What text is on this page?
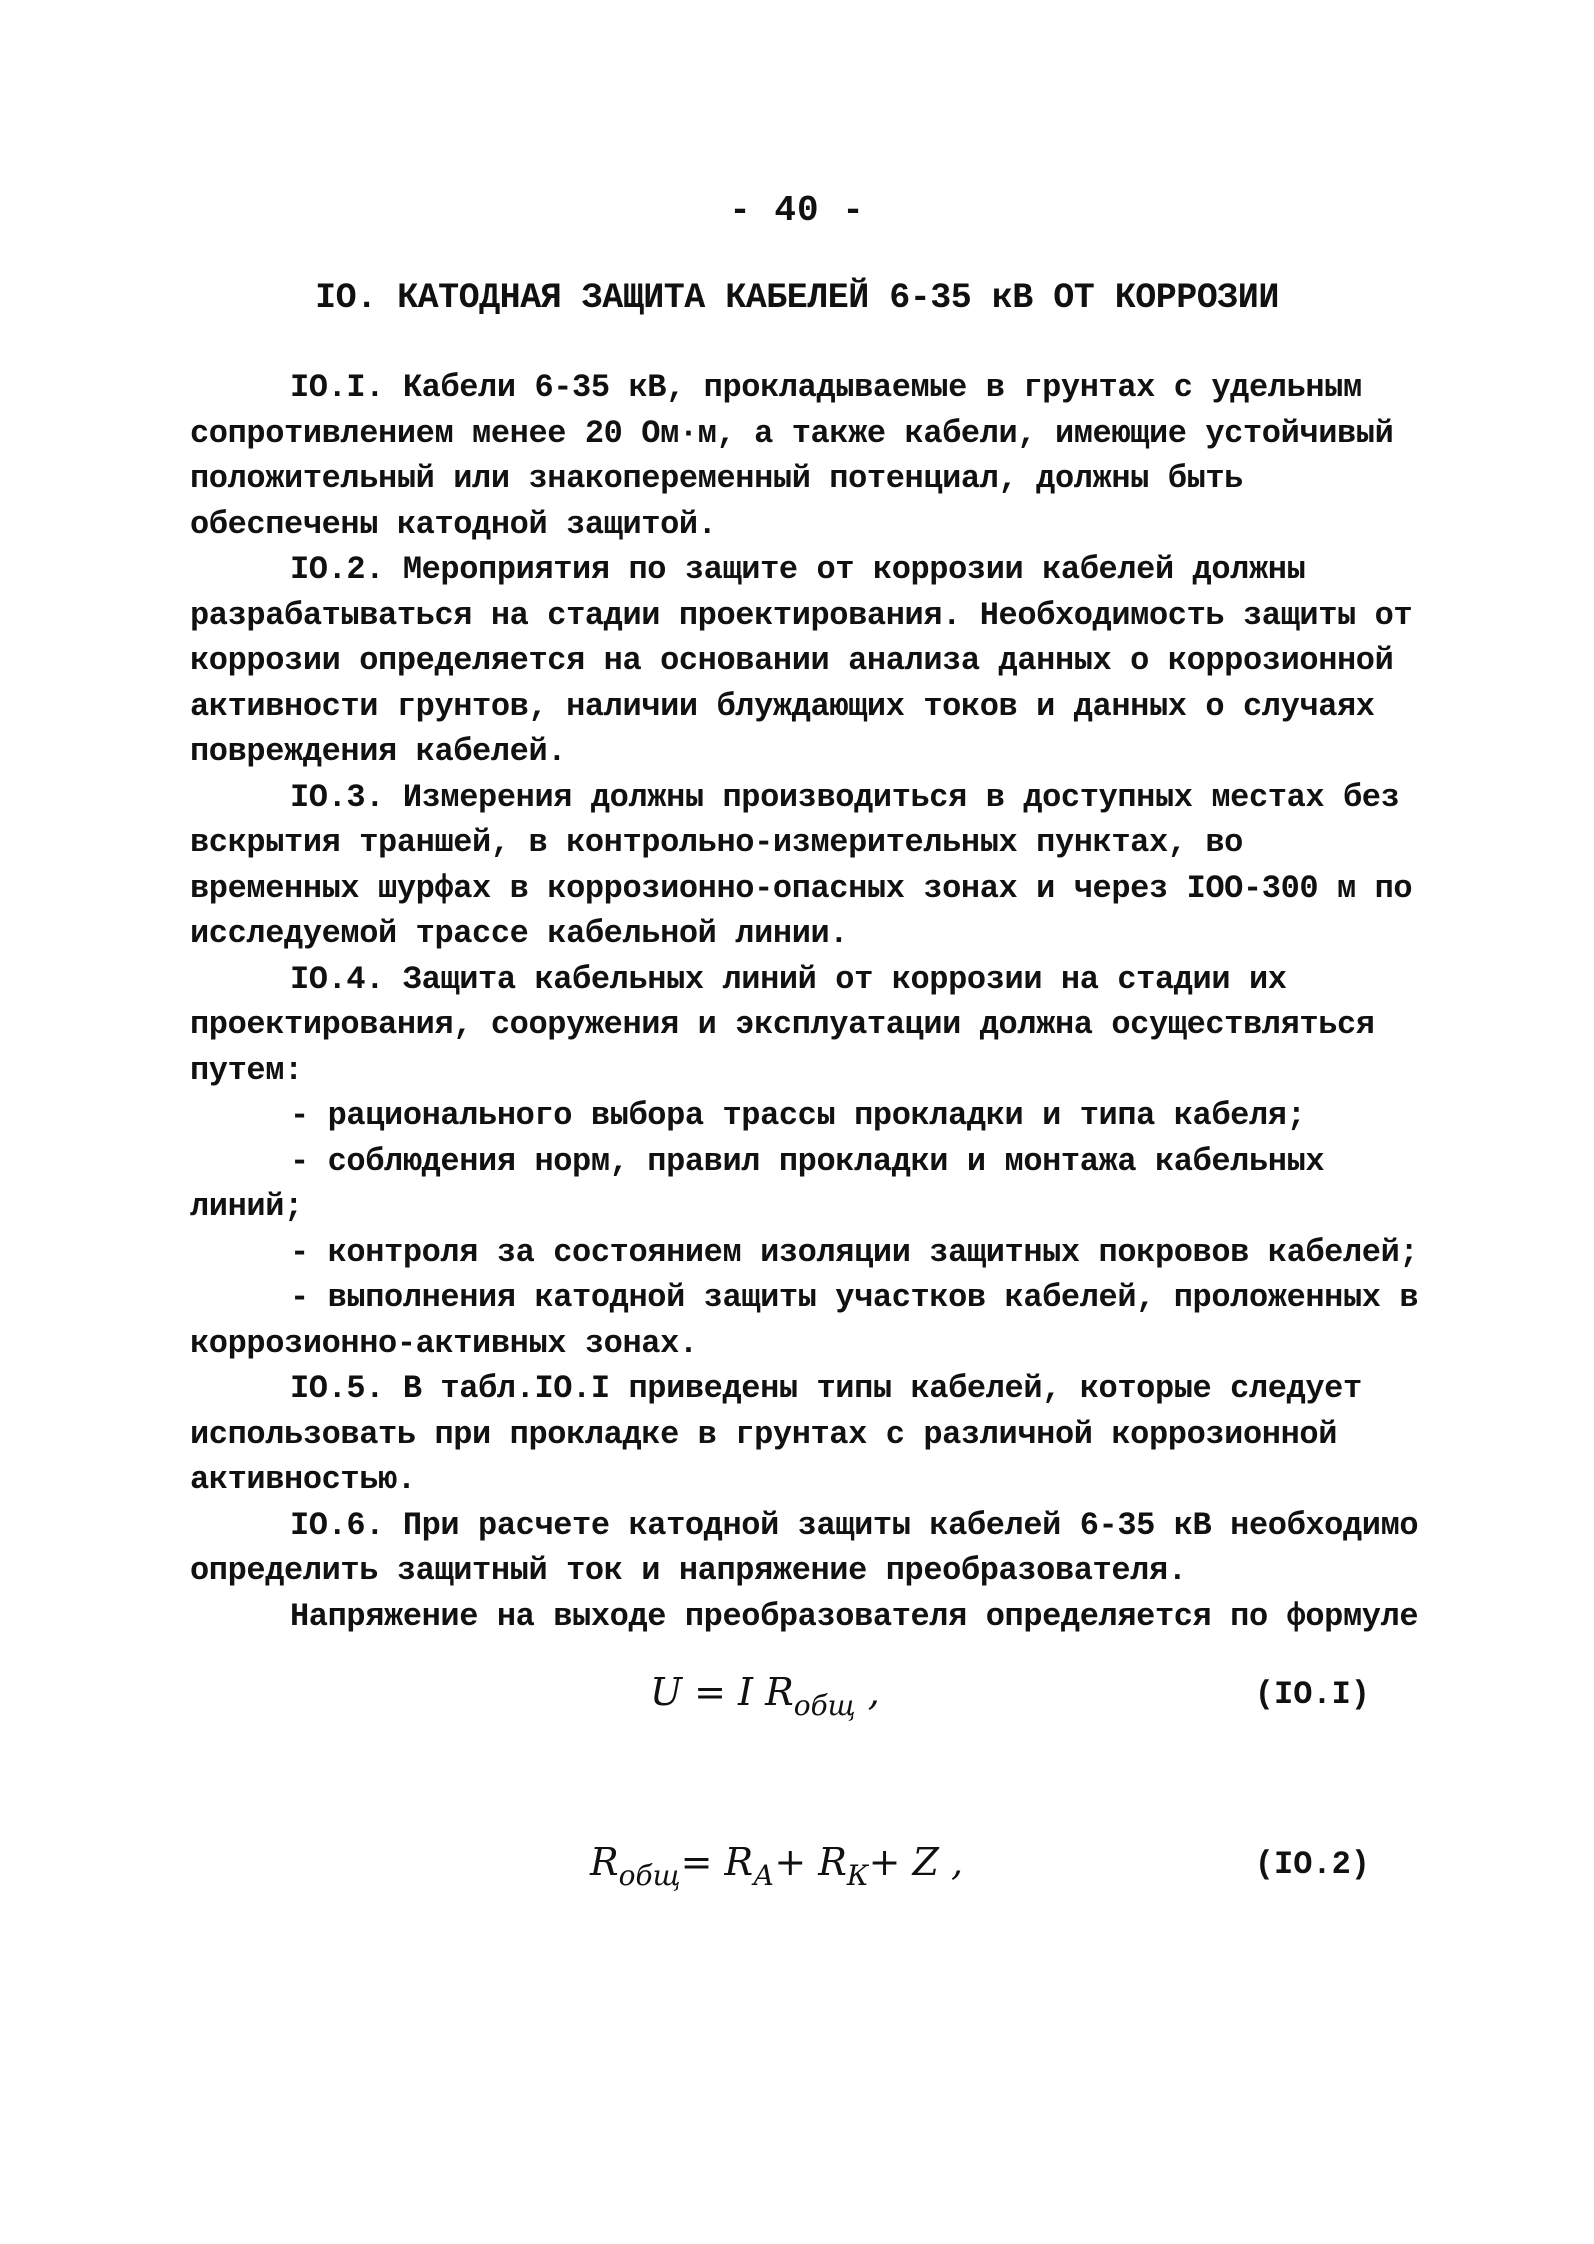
- 40 -
IO. КАТОДНАЯ ЗАЩИТА КАБЕЛЕЙ 6-35 кВ ОТ КОРРОЗИИ

IO.I. Кабели 6-35 кВ, прокладываемые в грунтах с удельным сопротивлением менее 20 Ом·м, а также кабели, имеющие устойчивый положительный или знакопеременный потенциал, должны быть обеспечены катодной защитой.

IO.2. Мероприятия по защите от коррозии кабелей должны разрабатываться на стадии проектирования. Необходимость защиты от коррозии определяется на основании анализа данных о коррозионной активности грунтов, наличии блуждающих токов и данных о случаях повреждения кабелей.

IO.3. Измерения должны производиться в доступных местах без вскрытия траншей, в контрольно-измерительных пунктах, во временных шурфах в коррозионно-опасных зонах и через IOO-300 м по исследуемой трассе кабельной линии.

IO.4. Защита кабельных линий от коррозии на стадии их проектирования, сооружения и эксплуатации должна осуществляться путем:

- рационального выбора трассы прокладки и типа кабеля;

- соблюдения норм, правил прокладки и монтажа кабельных линий;

- контроля за состоянием изоляции защитных покровов кабелей;

- выполнения катодной защиты участков кабелей, проложенных в коррозионно-активных зонах.

IO.5. В табл.IO.I приведены типы кабелей, которые следует использовать при прокладке в грунтах с различной коррозионной активностью.

IO.6. При расчете катодной защиты кабелей 6-35 кВ необходимо определить защитный ток и напряжение преобразователя.

Напряжение на выходе преобразователя определяется по формуле

U = I $R_{общ}$ ,	(IO.I)
$R_{общ}= R_А+ R_К+ Z$ ,	(IO.2)
